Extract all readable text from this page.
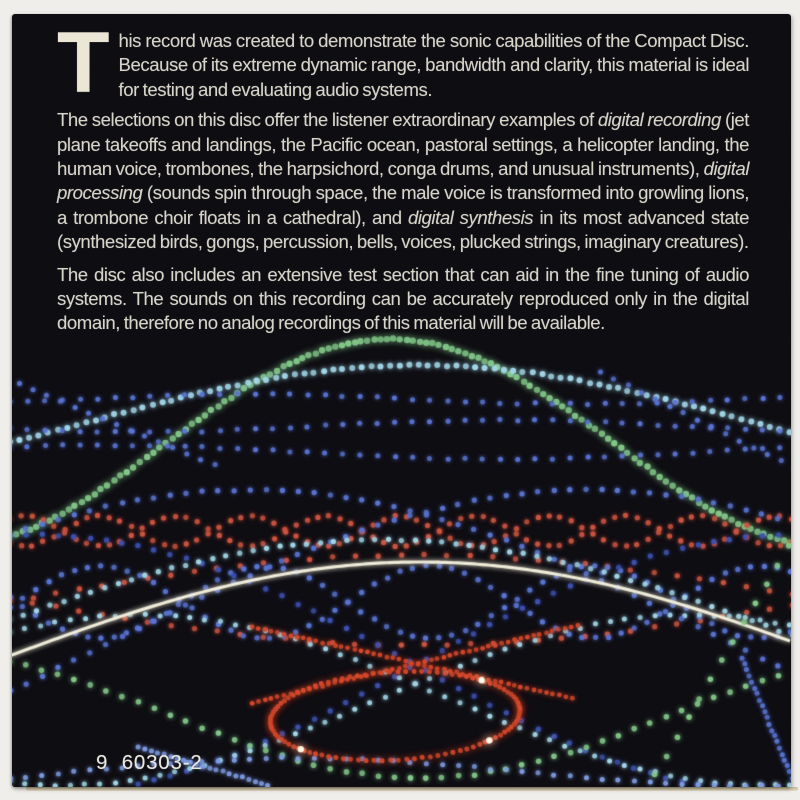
This record was created to demonstrate the sonic capabilities of the Compact Disc. Because of its extreme dynamic range, bandwidth and clarity, this material is ideal for testing and evaluating audio systems.

The selections on this disc offer the listener extraordinary examples of digital recording (jet plane takeoffs and landings, the Pacific ocean, pastoral settings, a helicopter landing, the human voice, trombones, the harpsichord, conga drums, and unusual instruments), digital processing (sounds spin through space, the male voice is transformed into growling lions, a trombone choir floats in a cathedral), and digital synthesis in its most advanced state (synthesized birds, gongs, percussion, bells, voices, plucked strings, imaginary creatures).

The disc also includes an extensive test section that can aid in the fine tuning of audio systems. The sounds on this recording can be accurately reproduced only in the digital domain, therefore no analog recordings of this material will be available.

9 60303-2
